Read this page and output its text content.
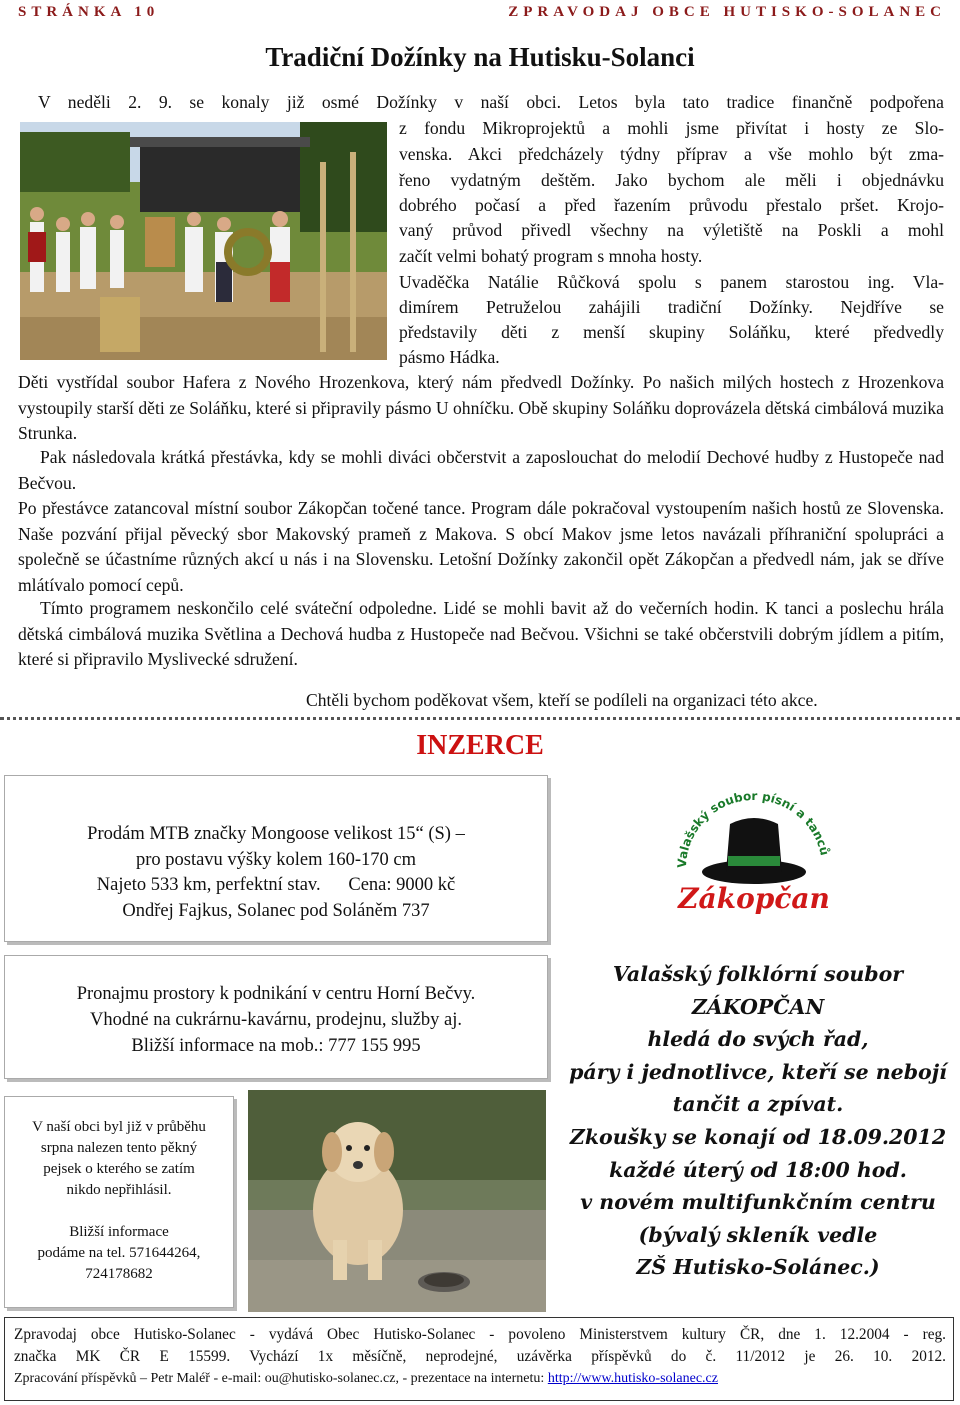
STRÁNKA 10	ZPRAVODAJ OBCE HUTISKO-SOLANEC
Tradiční Dožínky na Hutisku-Solanci
V neděli 2. 9. se konaly již osmé Dožínky v naší obci. Letos byla tato tradice finančně podpořena
z fondu Mikroprojektů a mohli jsme přivítat i hosty ze Slo-
venska. Akci předcházely týdny příprav a vše mohlo být zma-
řeno vydatným deštěm. Jako bychom ale měli i objednávku
dobrého počasí a před řazením průvodu přestalo pršet. Krojo-
vaný průvod přivedl všechny na výletiště na Poskli a mohl
začít velmi bohatý program s mnoha hosty.
Uvaděčka Natálie Růčková spolu s panem starostou ing. Vla-
dimírem Petruželou zahájili tradiční Dožínky. Nejdříve se
představily děti z menší skupiny Soláňku, které předvedly
pásmo Hádka.
Děti vystřídal soubor Hafera z Nového Hrozenkova, který nám předvedl Dožínky. Po našich milých hostech z Hrozenkova vystoupily starší děti ze Soláňku, které si připravily pásmo U ohníčku. Obě skupiny Soláňku doprovázela dětská cimbálová muzika Strunka.
Pak následovala krátká přestávka, kdy se mohli diváci občerstvit a zaposlouchat do melodií Dechové hudby z Hustopeče nad Bečvou.
Po přestávce zatancoval místní soubor Zákopčan točené tance. Program dále pokračoval vystoupením našich hostů ze Slovenska. Naše pozvání přijal pěvecký sbor Makovský prameň z Makova. S obcí Makov jsme letos navázali příhraniční spolupráci a společně se účastníme různých akcí u nás i na Slovensku. Letošní Dožínky zakončil opět Zákopčan a předvedl nám, jak se dříve mlátívalo pomocí cepů.
Tímto programem neskončilo celé sváteční odpoledne. Lidé se mohli bavit až do večerních hodin. K tanci a poslechu hrála dětská cimbálová muzika Světlina a Dechová hudba z Hustopeče nad Bečvou. Všichni se také občerstvili dobrým jídlem a pitím, které si připravilo Myslivecké sdružení.
Chtěli bychom poděkovat všem, kteří se podíleli na organizaci této akce.
INZERCE
Prodám MTB značky Mongoose velikost 15“ (S) –
pro postavu výšky kolem 160-170 cm
Najeto 533 km, perfektní stav.      Cena: 9000 kč
Ondřej Fajkus, Solanec pod Soláněm 737
Pronajmu prostory k podnikání v centru Horní Bečvy.
Vhodné na cukrárnu-kavárnu, prodejnu, služby aj.
Bližší informace na mob.: 777 155 995
V naší obci byl již v průběhu
srpna nalezen tento pěkný
pejsek o kterého se zatím
nikdo nepřihlásil.
Bližší informace
podáme na tel. 571644264,
724178682
Valašský soubor písní a tanců
Zákopčan
Valašský folklórní soubor
ZÁKOPČAN
hledá do svých řad,
páry i jednotlivce, kteří se nebojí
tančit a zpívat.
Zkoušky se konají od 18.09.2012
každé úterý od 18:00 hod.
v novém multifunkčním centru
(bývalý skleník vedle
ZŠ Hutisko-Solánec.)
Zpravodaj obce Hutisko-Solanec - vydává Obec Hutisko-Solanec - povoleno Ministerstvem kultury ČR, dne 1. 12.2004 - reg.
značka MK ČR E 15599. Vychází 1x měsíčně, neprodejné, uzávěrka příspěvků do č. 11/2012 je 26. 10. 2012.
Zpracování příspěvků – Petr Maléř - e-mail: ou@hutisko-solanec.cz, - prezentace na internetu: http://www.hutisko-solanec.cz
